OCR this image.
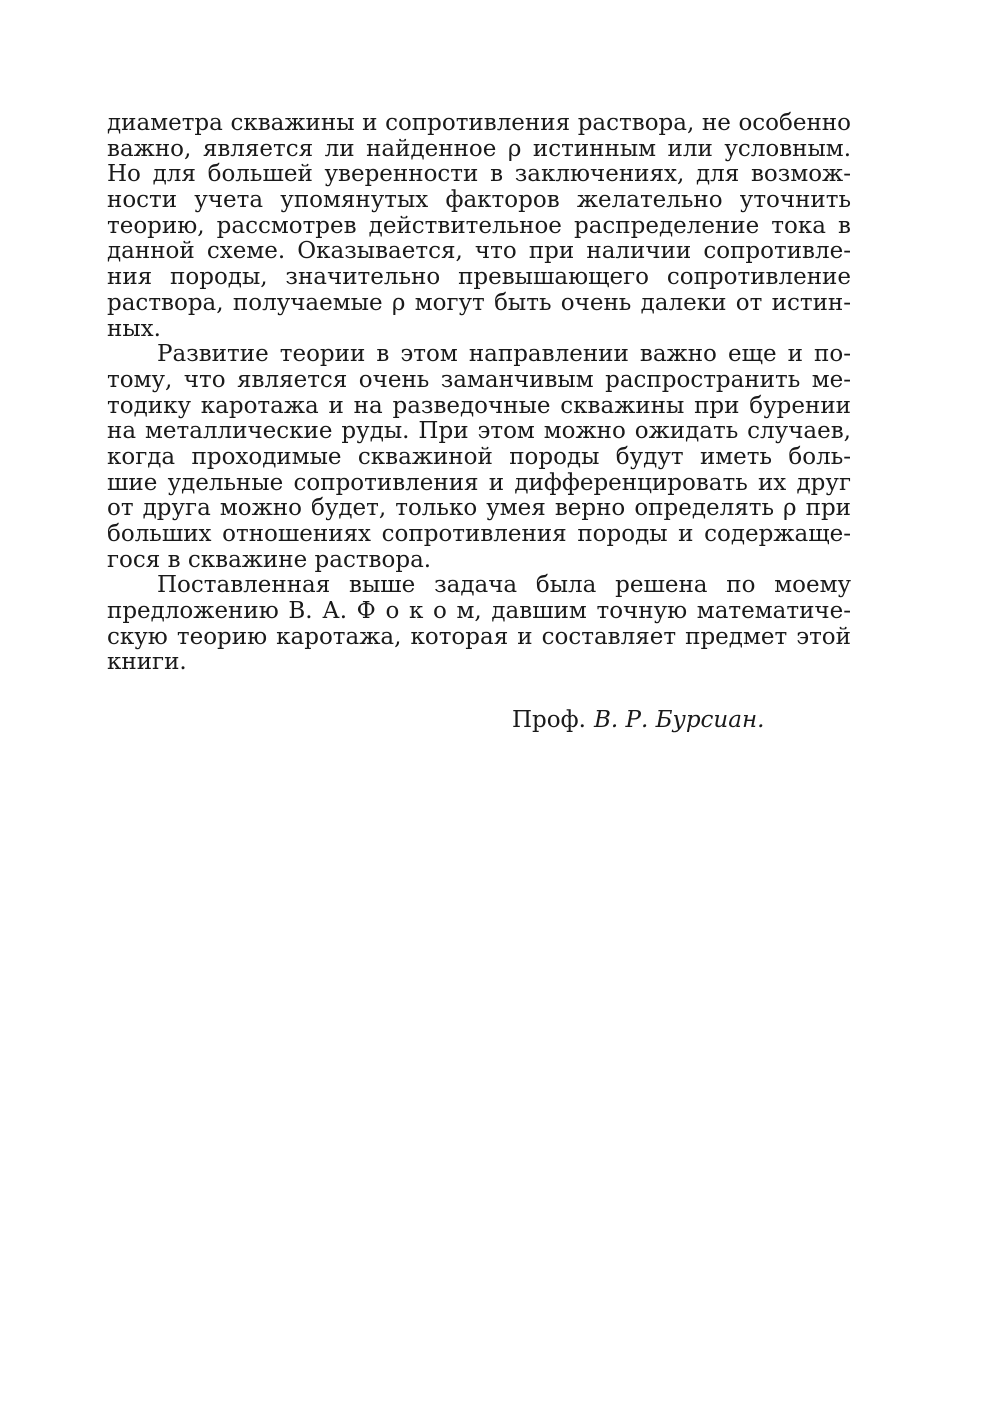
диаметра скважины и сопротивления раствора, не особенно
важно, является ли найденное ρ истинным или условным.
Но для большей уверенности в заключениях, для возмож-
ности учета упомянутых факторов желательно уточнить
теорию, рассмотрев действительное распределение тока в
данной схеме. Оказывается, что при наличии сопротивле-
ния породы, значительно превышающего сопротивление
раствора, получаемые ρ могут быть очень далеки от истин-
ных.
Развитие теории в этом направлении важно еще и по-
тому, что является очень заманчивым распространить ме-
тодику каротажа и на разведочные скважины при бурении
на металлические руды. При этом можно ожидать случаев,
когда проходимые скважиной породы будут иметь боль-
шие удельные сопротивления и дифференцировать их друг
от друга можно будет, только умея верно определять ρ при
больших отношениях сопротивления породы и содержаще-
гося в скважине раствора.
Поставленная выше задача была решена по моему
предложению В. А. Ф о к о м, давшим точную математиче-
скую теорию каротажа, которая и составляет предмет этой
книги.
Проф. В. Р. Бурсиан.
